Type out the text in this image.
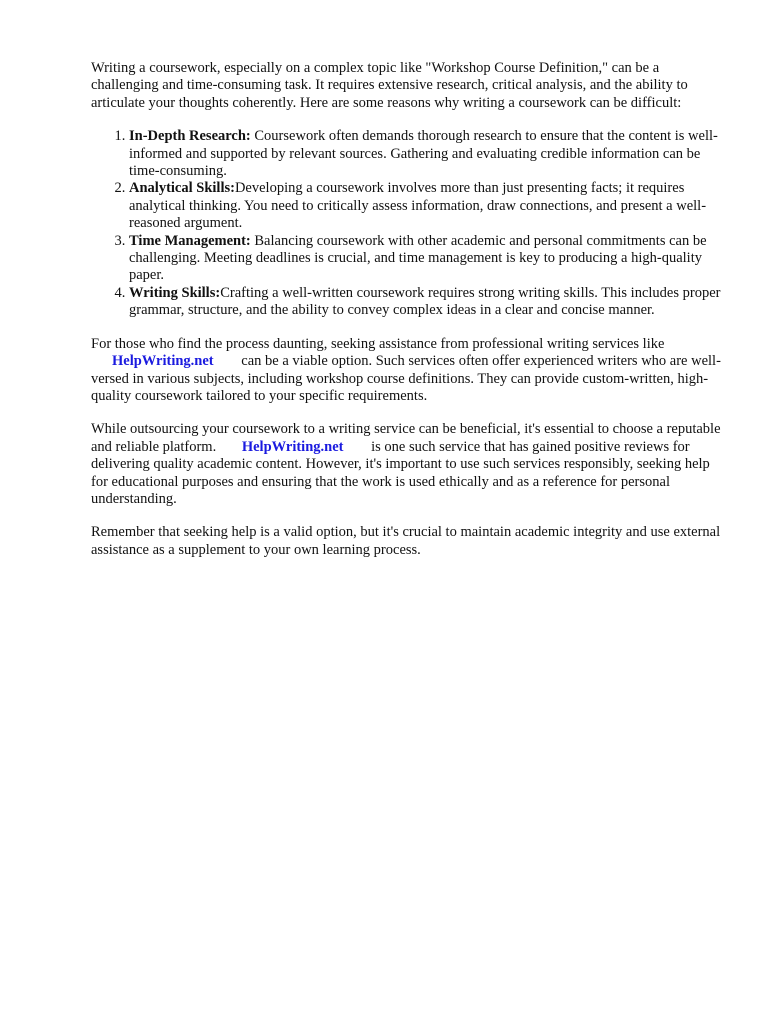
Writing a coursework, especially on a complex topic like "Workshop Course Definition," can be a challenging and time-consuming task. It requires extensive research, critical analysis, and the ability to articulate your thoughts coherently. Here are some reasons why writing a coursework can be difficult:

1. In-Depth Research: Coursework often demands thorough research to ensure that the content is well-informed and supported by relevant sources. Gathering and evaluating credible information can be time-consuming.
2. Analytical Skills:Developing a coursework involves more than just presenting facts; it requires analytical thinking. You need to critically assess information, draw connections, and present a well-reasoned argument.
3. Time Management: Balancing coursework with other academic and personal commitments can be challenging. Meeting deadlines is crucial, and time management is key to producing a high-quality paper.
4. Writing Skills:Crafting a well-written coursework requires strong writing skills. This includes proper grammar, structure, and the ability to convey complex ideas in a clear and concise manner.

For those who find the process daunting, seeking assistance from professional writing services like HelpWriting.net can be a viable option. Such services often offer experienced writers who are well-versed in various subjects, including workshop course definitions. They can provide custom-written, high-quality coursework tailored to your specific requirements.

While outsourcing your coursework to a writing service can be beneficial, it's essential to choose a reputable and reliable platform. HelpWriting.net is one such service that has gained positive reviews for delivering quality academic content. However, it's important to use such services responsibly, seeking help for educational purposes and ensuring that the work is used ethically and as a reference for personal understanding.

Remember that seeking help is a valid option, but it's crucial to maintain academic integrity and use external assistance as a supplement to your own learning process.
